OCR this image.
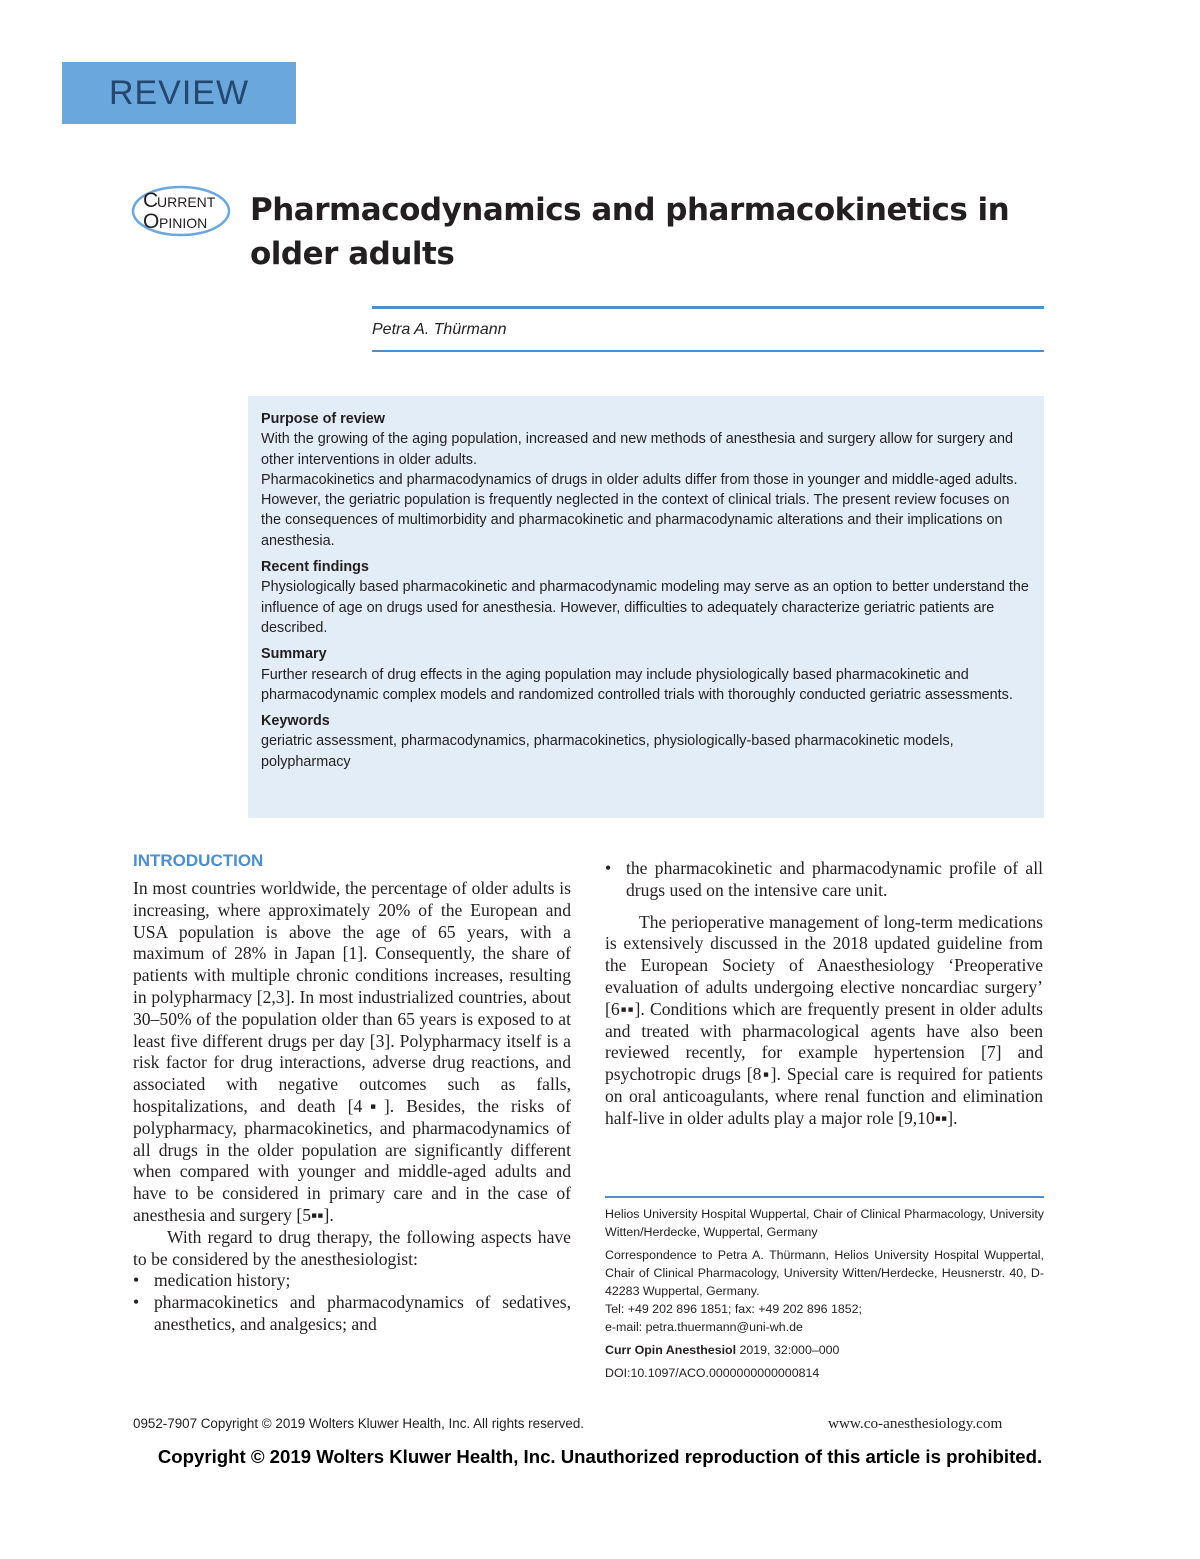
REVIEW
C
URRENT
O PINION Pharmacodynamics and pharmacokinetics in older adults
Petra A. Thürmann
Purpose of review

With the growing of the aging population, increased and new methods of anesthesia and surgery allow for surgery and other interventions in older adults.

Pharmacokinetics and pharmacodynamics of drugs in older adults differ from those in younger and middle-aged adults. However, the geriatric population is frequently neglected in the context of clinical trials. The present review focuses on the consequences of multimorbidity and pharmacokinetic and pharmacodynamic alterations and their implications on anesthesia.

Recent findings

Physiologically based pharmacokinetic and pharmacodynamic modeling may serve as an option to better understand the influence of age on drugs used for anesthesia. However, difficulties to adequately characterize geriatric patients are described.

Summary

Further research of drug effects in the aging population may include physiologically based pharmacokinetic and pharmacodynamic complex models and randomized controlled trials with thoroughly conducted geriatric assessments.

Keywords

geriatric assessment, pharmacodynamics, pharmacokinetics, physiologically-based pharmacokinetic models, polypharmacy

INTRODUCTION

In most countries worldwide, the percentage of older adults is increasing, where approximately 20% of the European and USA population is above the age of 65 years, with a maximum of 28% in Japan [1]. Consequently, the share of patients with multiple chronic conditions increases, resulting in polypharmacy [2,3]. In most industrialized countries, about 30–50% of the population older than 65 years is exposed to at least five different drugs per day [3]. Polypharmacy itself is a risk factor for drug interactions, adverse drug reactions, and associated with negative outcomes such as falls, hospitalizations, and death [4▪]. Besides, the risks of polypharmacy, pharmacokinetics, and pharmacodynamics of all drugs in the older population are significantly different when compared with younger and middle-aged adults and have to be considered in primary care and in the case of anesthesia and surgery [5▪▪].

With regard to drug therapy, the following aspects have to be considered by the anesthesiologist:

• medication history;
• pharmacokinetics and pharmacodynamics of sedatives, anesthetics, and analgesics; and
• the pharmacokinetic and pharmacodynamic profile of all drugs used on the intensive care unit.

The perioperative management of long-term medications is extensively discussed in the 2018 updated guideline from the European Society of Anaesthesiology ‘Preoperative evaluation of adults undergoing elective noncardiac surgery’ [6▪▪]. Conditions which are frequently present in older adults and treated with pharmacological agents have also been reviewed recently, for example hypertension [7] and psychotropic drugs [8▪]. Special care is required for patients on oral anticoagulants, where renal function and elimination half-live in older adults play a major role [9,10▪▪].

Helios University Hospital Wuppertal, Chair of Clinical Pharmacology, University Witten/Herdecke, Wuppertal, Germany

Correspondence to Petra A. Thürmann, Helios University Hospital Wuppertal, Chair of Clinical Pharmacology, University Witten/Herdecke, Heusnerstr. 40, D-42283 Wuppertal, Germany.

Tel: +49 202 896 1851; fax: +49 202 896 1852;

e-mail: petra.thuermann@uni-wh.de

Curr Opin Anesthesiol 2019, 32:000–000

DOI:10.1097/ACO.0000000000000814

0952-7907 Copyright © 2019 Wolters Kluwer Health, Inc. All rights reserved.	www.co-anesthesiology.com
Copyright © 2019 Wolters Kluwer Health, Inc. Unauthorized reproduction of this article is prohibited.
